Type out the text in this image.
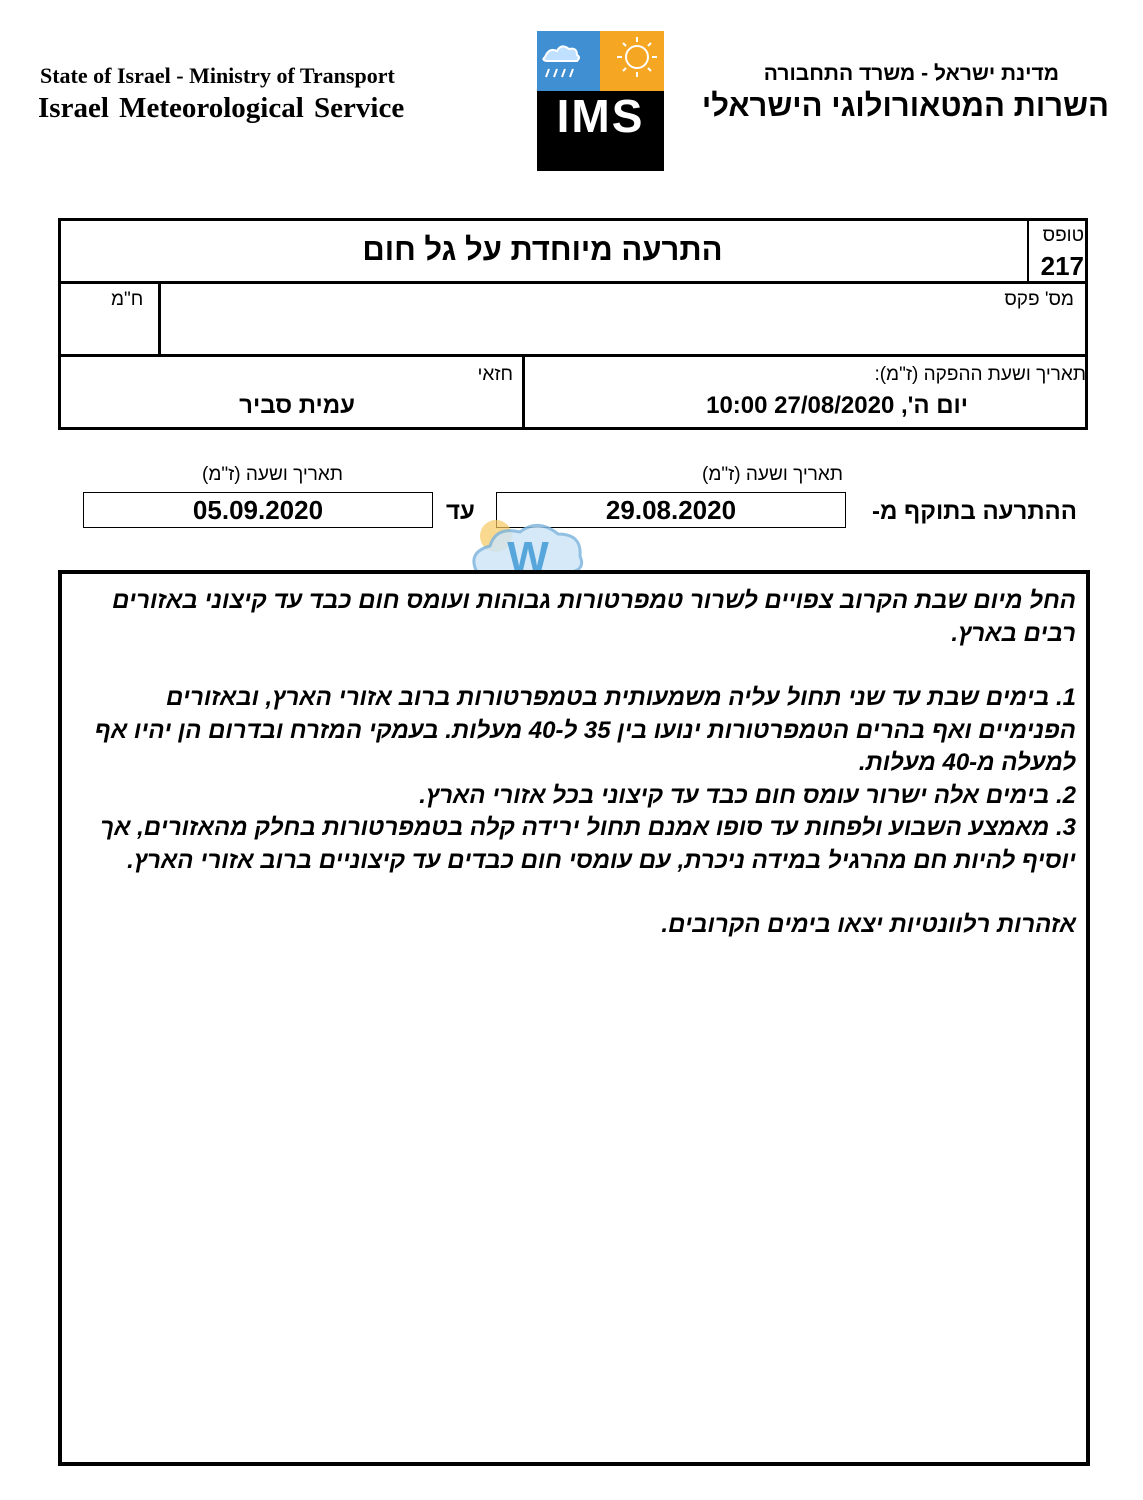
State of Israel - Ministry of Transport
Israel Meteorological Service
מדינת ישראל - משרד התחבורה
השרות המטאורולוגי הישראלי
IMS
השירות המטאורולוגי
התרעה מיוחדת על גל חום	טופס
217
מס' פקס
ח"מ
תאריך ושעת ההפקה (ז"מ):
יום ה', 27/08/2020 10:00
חזאי
עמית סביר
תאריך ושעה (ז"מ)
תאריך ושעה (ז"מ)
ההתרעה בתוקף מ-
29.08.2020
עד
05.09.2020
W

החל מיום שבת הקרוב צפויים לשרור טמפרטורות גבוהות ועומס חום כבד עד קיצוני באזורים רבים בארץ.

1. בימים שבת עד שני תחול עליה משמעותית בטמפרטורות ברוב אזורי הארץ, ובאזורים הפנימיים ואף בהרים הטמפרטורות ינועו בין 35 ל-40 מעלות. בעמקי המזרח ובדרום הן יהיו אף למעלה מ-40 מעלות.

2. בימים אלה ישרור עומס חום כבד עד קיצוני בכל אזורי הארץ.

3. מאמצע השבוע ולפחות עד סופו אמנם תחול ירידה קלה בטמפרטורות בחלק מהאזורים, אך יוסיף להיות חם מהרגיל במידה ניכרת, עם עומסי חום כבדים עד קיצוניים ברוב אזורי הארץ.

אזהרות רלוונטיות יצאו בימים הקרובים.
